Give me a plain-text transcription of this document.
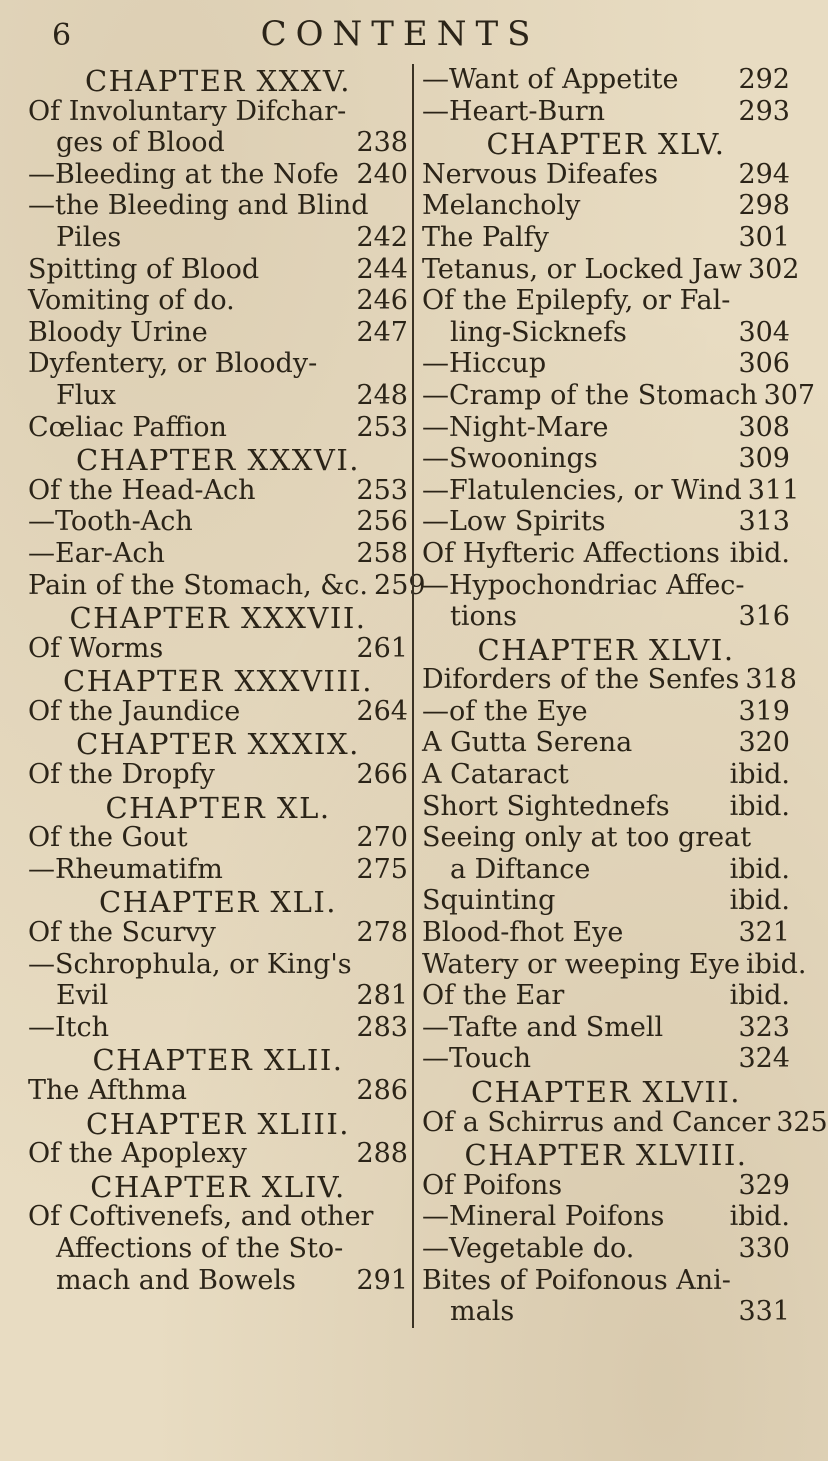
6	CONTENTS
CHAPTER XXXV.
Of Involuntary Difchar-
ges of Blood	238
—Bleeding at the Nofe 240
—the Bleeding and Blind
Piles	242
Spitting of Blood	244
Vomiting of do.	246
Bloody Urine	247
Dyfentery, or Bloody-
Flux	248
Cœliac Paffion	253
CHAPTER XXXVI.
Of the Head-Ach	253
—Tooth-Ach	256
—Ear-Ach	258
Pain of the Stomach, &c. 259
CHAPTER XXXVII.
Of Worms	261
CHAPTER XXXVIII.
Of the Jaundice	264
CHAPTER XXXIX.
Of the Dropfy	266
CHAPTER XL.
Of the Gout	270
—Rheumatifm	275
CHAPTER XLI.
Of the Scurvy	278
—Schrophula, or King's
Evil	281
—Itch	283
CHAPTER XLII.
The Afthma	286
CHAPTER XLIII.
Of the Apoplexy	288
CHAPTER XLIV.
Of Coftivenefs, and other
Affections of the Sto-
mach and Bowels 291
—Want of Appetite 292
—Heart-Burn	293
CHAPTER XLV.
Nervous Difeafes	294
Melancholy	298
The Palfy	301
Tetanus, or Locked Jaw 302
Of the Epilepfy, or Fal-
ling-Sicknefs	304
—Hiccup	306
—Cramp of the Stomach 307
—Night-Mare	308
—Swoonings	309
—Flatulencies, or Wind 311
—Low Spirits	313
Of Hyfteric Affections ibid.
—Hypochondriac Affec-
tions	316
CHAPTER XLVI.
Diforders of the Senfes 318
—of the Eye	319
A Gutta Serena	320
A Cataract	ibid.
Short Sightednefs ibid.
Seeing only at too great
a Diftance	ibid.
Squinting	ibid.
Blood-fhot Eye	321
Watery or weeping Eye ibid.
Of the Ear	ibid.
—Tafte and Smell	323
—Touch	324
CHAPTER XLVII.
Of a Schirrus and Cancer 325
CHAPTER XLVIII.
Of Poifons	329
—Mineral Poifons ibid.
—Vegetable do.	330
Bites of Poifonous Ani-
mals	331
